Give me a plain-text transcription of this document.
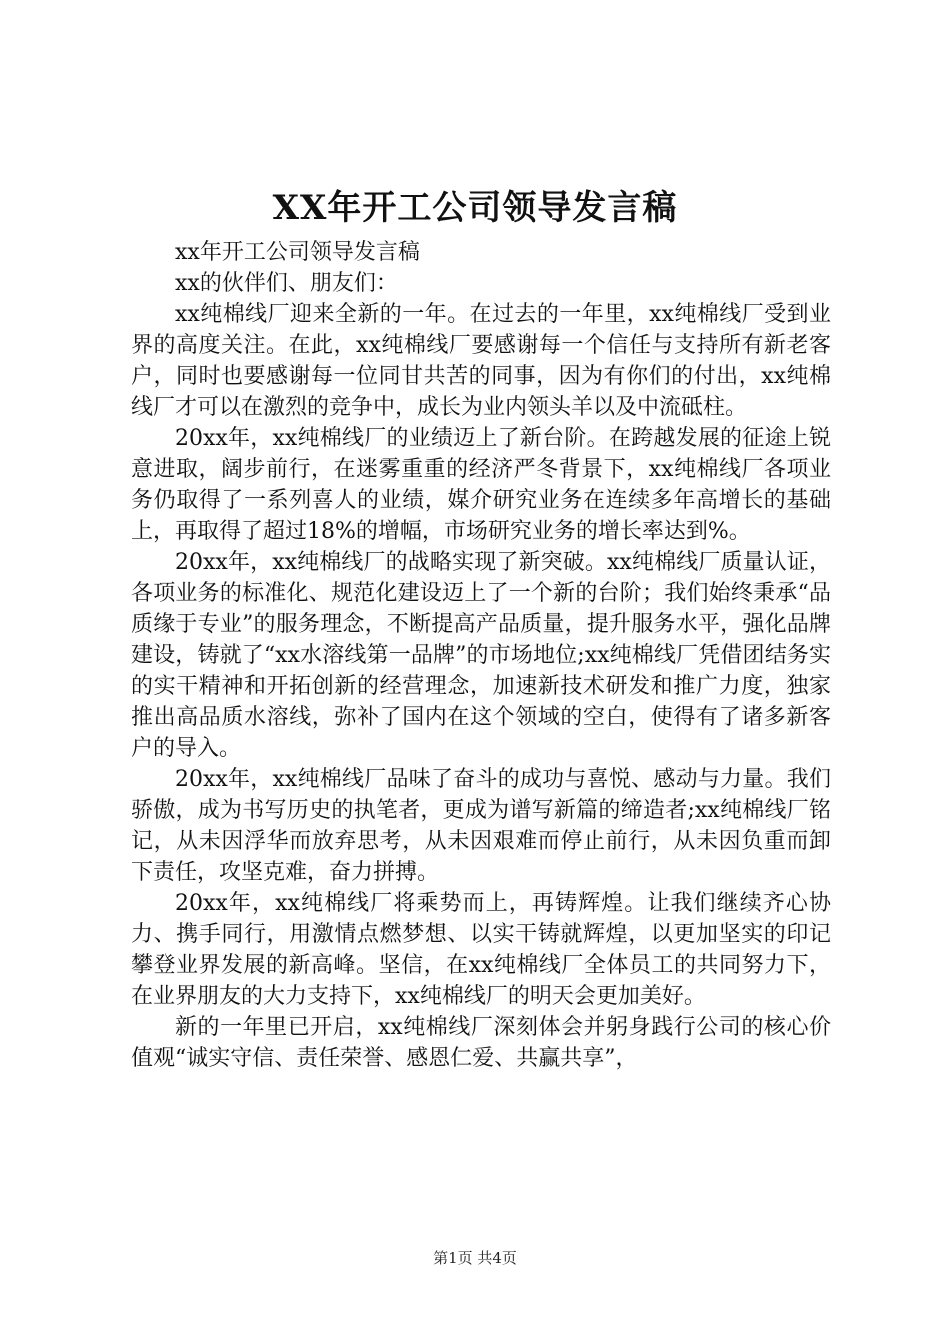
XX年开工公司领导发言稿

xx年开工公司领导发言稿

xx的伙伴们、朋友们：

xx纯棉线厂迎来全新的一年。在过去的一年里，xx纯棉线厂受到业界的高度关注。在此，xx纯棉线厂要感谢每一个信任与支持所有新老客户，同时也要感谢每一位同甘共苦的同事，因为有你们的付出，xx纯棉线厂才可以在激烈的竞争中，成长为业内领头羊以及中流砥柱。

20xx年，xx纯棉线厂的业绩迈上了新台阶。在跨越发展的征途上锐意进取，阔步前行，在迷雾重重的经济严冬背景下，xx纯棉线厂各项业务仍取得了一系列喜人的业绩，媒介研究业务在连续多年高增长的基础上，再取得了超过18%的增幅，市场研究业务的增长率达到%。

20xx年，xx纯棉线厂的战略实现了新突破。xx纯棉线厂质量认证，各项业务的标准化、规范化建设迈上了一个新的台阶；我们始终秉承“品质缘于专业”的服务理念，不断提高产品质量，提升服务水平，强化品牌建设，铸就了“xx水溶线第一品牌”的市场地位;xx纯棉线厂凭借团结务实的实干精神和开拓创新的经营理念，加速新技术研发和推广力度，独家推出高品质水溶线，弥补了国内在这个领域的空白，使得有了诸多新客户的导入。

20xx年，xx纯棉线厂品味了奋斗的成功与喜悦、感动与力量。我们骄傲，成为书写历史的执笔者，更成为谱写新篇的缔造者;xx纯棉线厂铭记，从未因浮华而放弃思考，从未因艰难而停止前行，从未因负重而卸下责任，攻坚克难，奋力拼搏。

20xx年，xx纯棉线厂将乘势而上，再铸辉煌。让我们继续齐心协力、携手同行，用激情点燃梦想、以实干铸就辉煌，以更加坚实的印记攀登业界发展的新高峰。坚信，在xx纯棉线厂全体员工的共同努力下，在业界朋友的大力支持下，xx纯棉线厂的明天会更加美好。

新的一年里已开启，xx纯棉线厂深刻体会并躬身践行公司的核心价值观“诚实守信、责任荣誉、感恩仁爱、共赢共享”，

第1页 共4页
